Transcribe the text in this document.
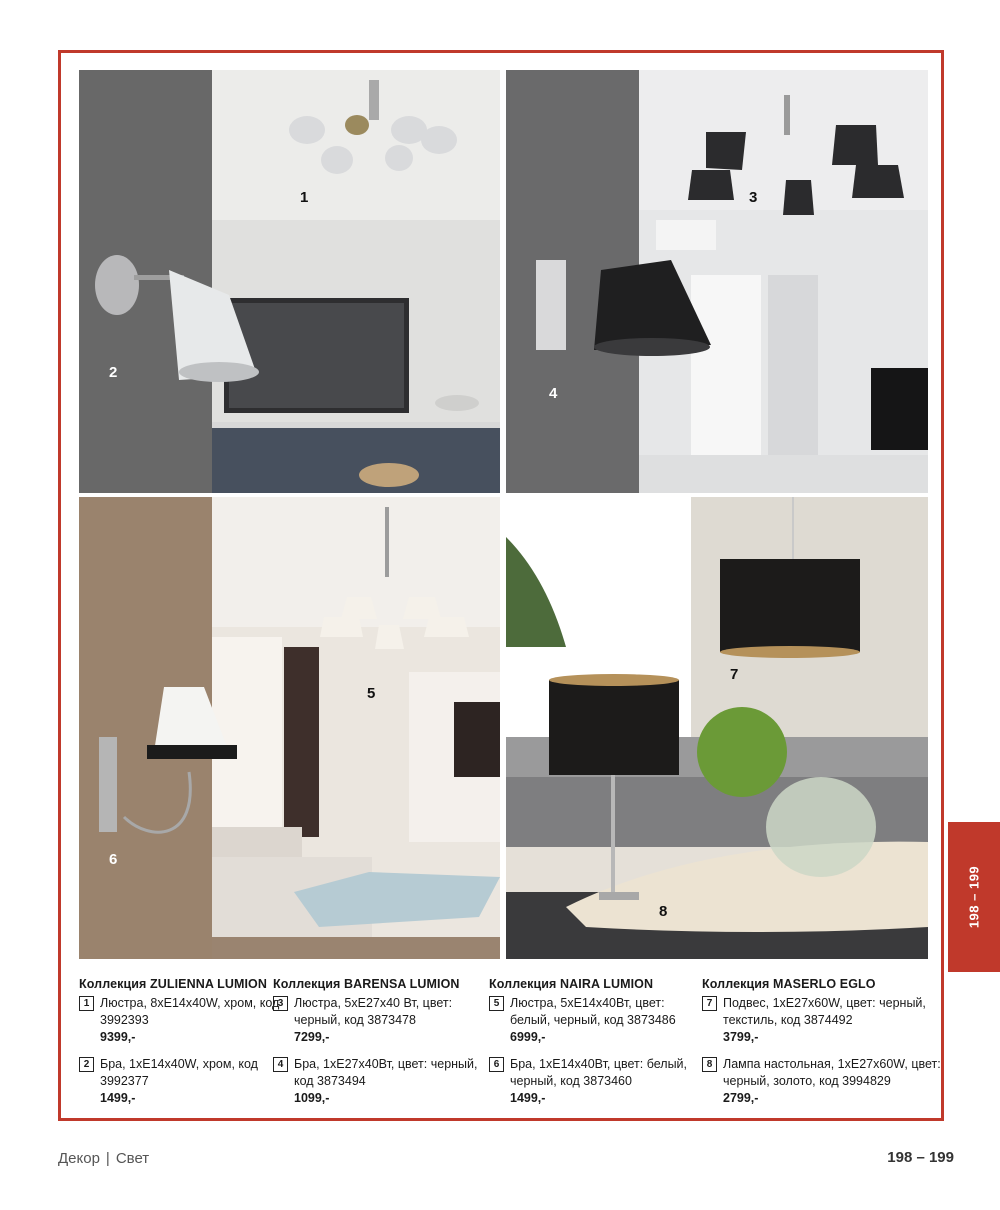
1
2
3
4
5
6
7
8
Коллекция ZULIENNA LUMION
1 Люстра, 8xE14x40W, хром, код 3992393
9399,-
2 Бра, 1xE14x40W, хром, код 3992377
1499,-
Коллекция BARENSA LUMION
3 Люстра, 5xE27x40 Вт, цвет: черный, код 3873478
7299,-
4 Бра, 1xE27x40Вт, цвет: черный, код 3873494
1099,-
Коллекция NAIRA LUMION
5 Люстра, 5xE14x40Вт, цвет: белый, черный, код 3873486
6999,-
6 Бра, 1xE14x40Вт, цвет: белый, черный, код 3873460
1499,-
Коллекция MASERLO EGLO
7 Подвес, 1xE27x60W, цвет: черный, текстиль, код 3874492
3799,-
8 Лампа настольная, 1xE27x60W, цвет: черный, золото, код 3994829
2799,-
198 – 199
Декор | Свет	198 – 199
